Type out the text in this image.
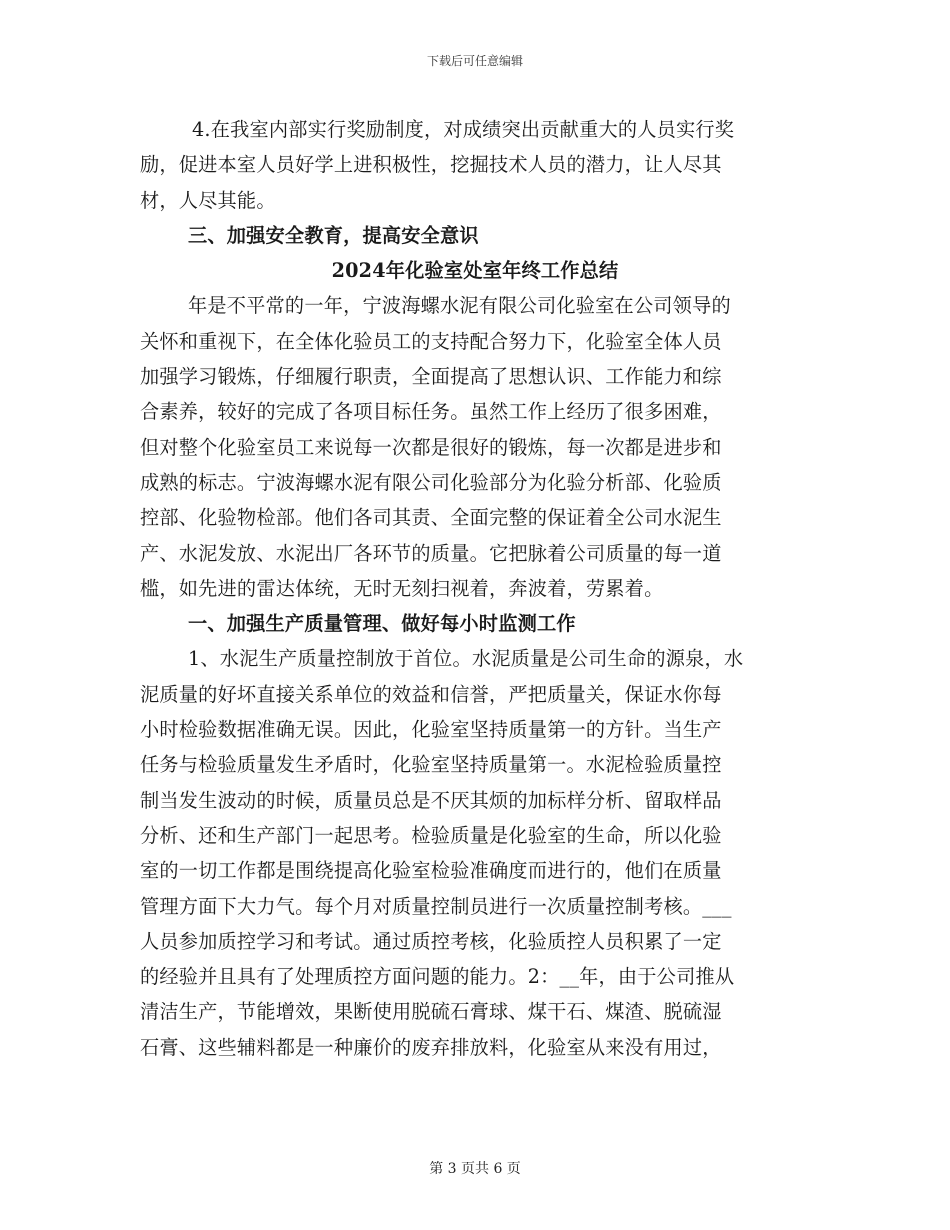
下载后可任意编辑
4.在我室内部实行奖励制度，对成绩突出贡献重大的人员实行奖
励，促进本室人员好学上进积极性，挖掘技术人员的潜力，让人尽其
材，人尽其能。
三、加强安全教育，提高安全意识
2024年化验室处室年终工作总结
年是不平常的一年，宁波海螺水泥有限公司化验室在公司领导的
关怀和重视下，在全体化验员工的支持配合努力下，化验室全体人员
加强学习锻炼，仔细履行职责，全面提高了思想认识、工作能力和综
合素养，较好的完成了各项目标任务。虽然工作上经历了很多困难，
但对整个化验室员工来说每一次都是很好的锻炼，每一次都是进步和
成熟的标志。宁波海螺水泥有限公司化验部分为化验分析部、化验质
控部、化验物检部。他们各司其责、全面完整的保证着全公司水泥生
产、水泥发放、水泥出厂各环节的质量。它把脉着公司质量的每一道
槛，如先进的雷达体统，无时无刻扫视着，奔波着，劳累着。
一、加强生产质量管理、做好每小时监测工作
1、水泥生产质量控制放于首位。水泥质量是公司生命的源泉，水
泥质量的好坏直接关系单位的效益和信誉，严把质量关，保证水你每
小时检验数据准确无误。因此，化验室坚持质量第一的方针。当生产
任务与检验质量发生矛盾时，化验室坚持质量第一。水泥检验质量控
制当发生波动的时候，质量员总是不厌其烦的加标样分析、留取样品
分析、还和生产部门一起思考。检验质量是化验室的生命，所以化验
室的一切工作都是围绕提高化验室检验准确度而进行的，他们在质量
管理方面下大力气。每个月对质量控制员进行一次质量控制考核。___
人员参加质控学习和考试。通过质控考核，化验质控人员积累了一定
的经验并且具有了处理质控方面问题的能力。2：__年，由于公司推从
清洁生产，节能增效，果断使用脱硫石膏球、煤干石、煤渣、脱硫湿
石膏、这些辅料都是一种廉价的废弃排放料，化验室从来没有用过，
第 3 页共 6 页
